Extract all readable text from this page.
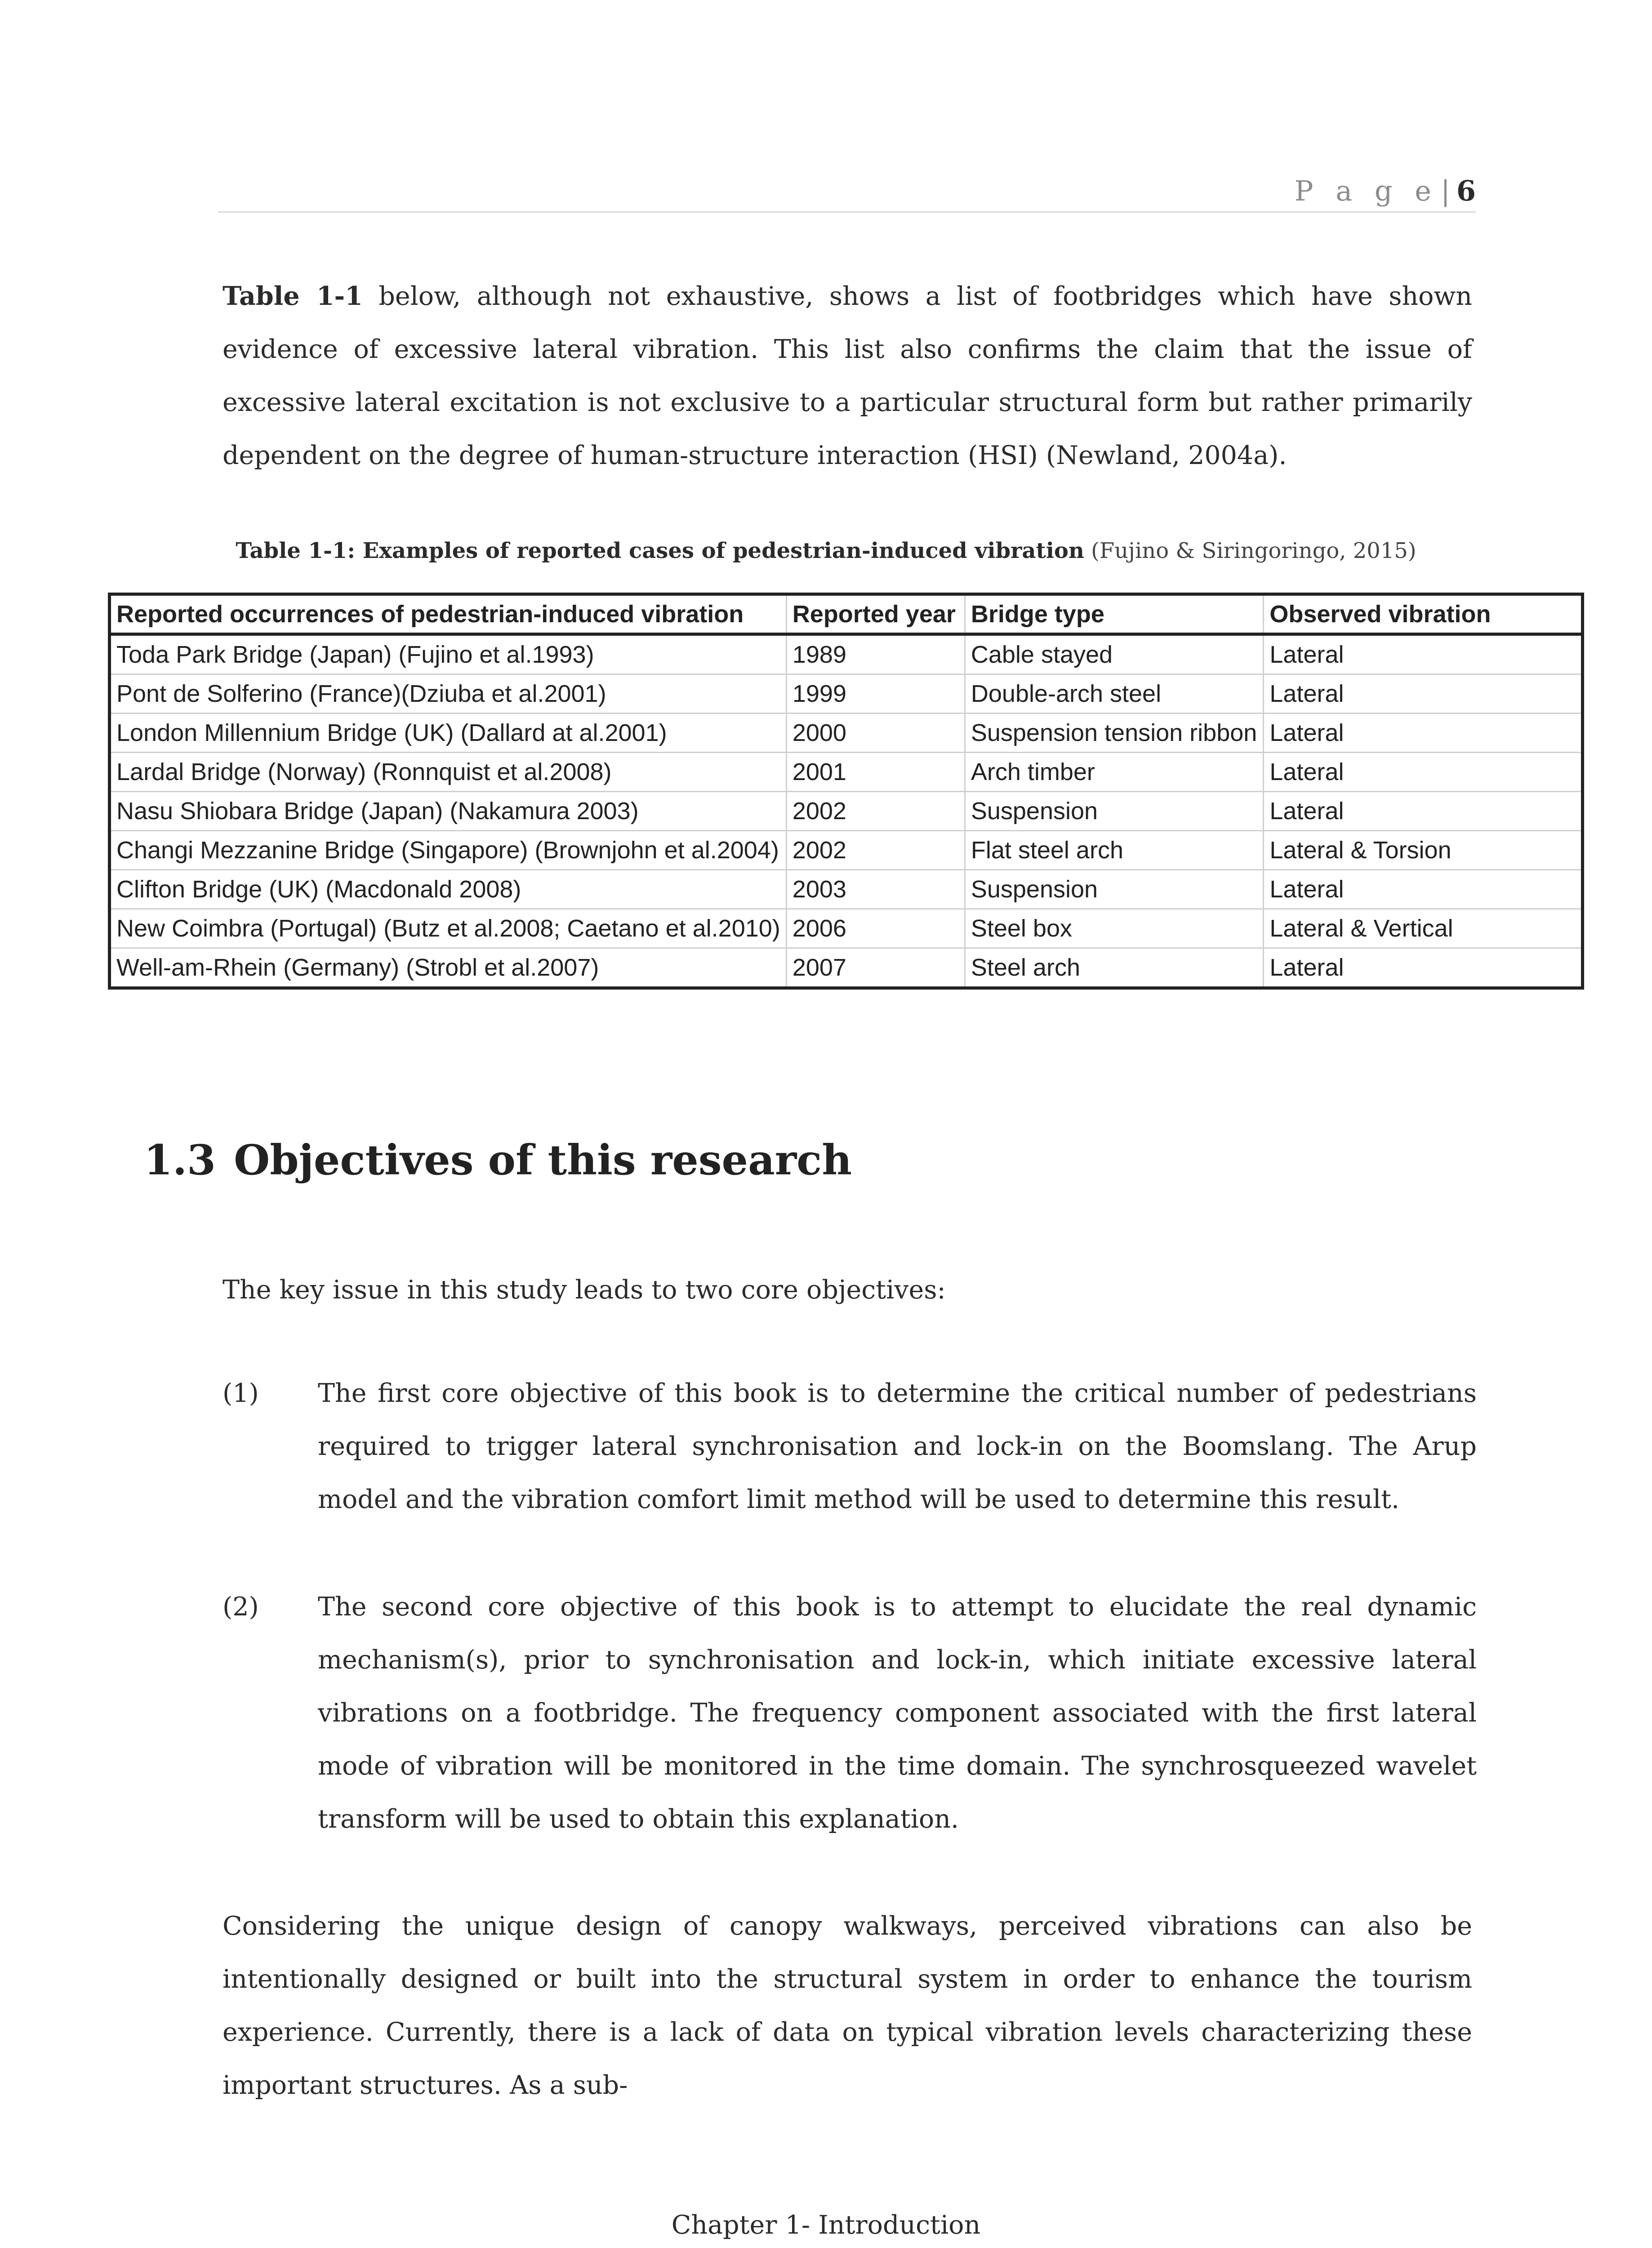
P a g e| 6

Table 1-1 below, although not exhaustive, shows a list of footbridges which have shown evidence of excessive lateral vibration. This list also confirms the claim that the issue of excessive lateral excitation is not exclusive to a particular structural form but rather primarily dependent on the degree of human-structure interaction (HSI) (Newland, 2004a).

Table 1-1: Examples of reported cases of pedestrian-induced vibration (Fujino & Siringoringo, 2015)
Reported occurrences of pedestrian-induced vibration	Reported year	Bridge type	Observed vibration
Toda Park Bridge (Japan) (Fujino et al.1993)	1989	Cable stayed	Lateral
Pont de Solferino (France)(Dziuba et al.2001)	1999	Double-arch steel	Lateral
London Millennium Bridge (UK) (Dallard at al.2001)	2000	Suspension tension ribbon	Lateral
Lardal Bridge (Norway) (Ronnquist et al.2008)	2001	Arch timber	Lateral
Nasu Shiobara Bridge (Japan) (Nakamura 2003)	2002	Suspension	Lateral
Changi Mezzanine Bridge (Singapore) (Brownjohn et al.2004)	2002	Flat steel arch	Lateral & Torsion
Clifton Bridge (UK) (Macdonald 2008)	2003	Suspension	Lateral
New Coimbra (Portugal) (Butz et al.2008; Caetano et al.2010)	2006	Steel box	Lateral & Vertical
Well-am-Rhein (Germany) (Strobl et al.2007)	2007	Steel arch	Lateral
1.3 Objectives of this research

The key issue in this study leads to two core objectives:

(1) The first core objective of this book is to determine the critical number of pedestrians required to trigger lateral synchronisation and lock-in on the Boomslang. The Arup model and the vibration comfort limit method will be used to determine this result.
(2) The second core objective of this book is to attempt to elucidate the real dynamic mechanism(s), prior to synchronisation and lock-in, which initiate excessive lateral vibrations on a footbridge. The frequency component associated with the first lateral mode of vibration will be monitored in the time domain. The synchrosqueezed wavelet transform will be used to obtain this explanation.

Considering the unique design of canopy walkways, perceived vibrations can also be intentionally designed or built into the structural system in order to enhance the tourism experience. Currently, there is a lack of data on typical vibration levels characterizing these important structures. As a sub-

Chapter 1- Introduction
